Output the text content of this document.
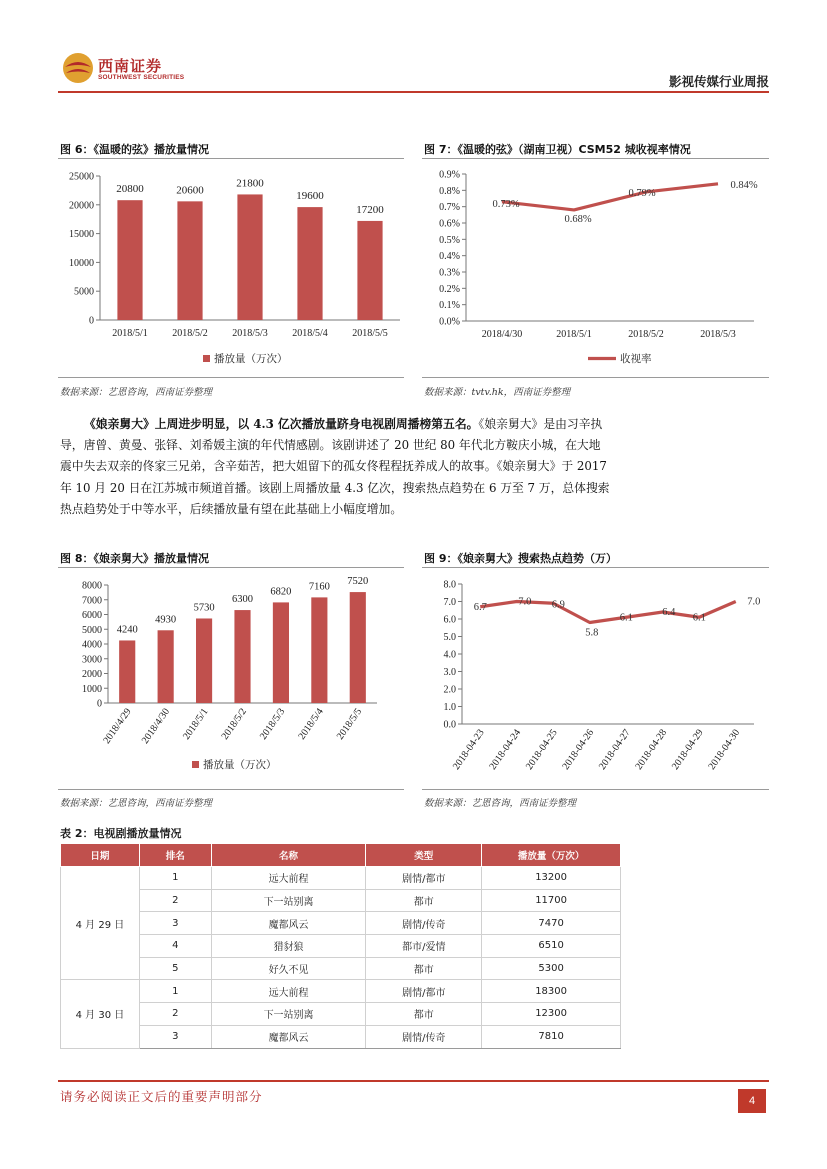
西南证券
SOUTHWEST SECURITIES	影视传媒行业周报
图 6：《温暖的弦》播放量情况
0
5000
10000
15000
20000
25000
2018/5/1 2018/5/2 2018/5/3 2018/5/4 2018/5/5
20800	20600
21800
19600
17200
播放量（万次）
数据来源：艺恩咨询，西南证券整理
图 7：《温暖的弦》（湖南卫视）CSM52 城收视率情况
0.0%
0.1%
0.2%
0.3%
0.4%
0.5%
0.6%
0.7%
0.8%
0.9%
2018/4/30	2018/5/1	2018/5/2	2018/5/3
0.73%
0.68%
0.79%
0.84%
收视率
数据来源：tvtv.hk，西南证券整理
《娘亲舅大》上周进步明显，以 4.3 亿次播放量跻身电视剧周播榜第五名。《娘亲舅大》是由习辛执导，唐曾、黄曼、张铎、刘希媛主演的年代情感剧。该剧讲述了 20 世纪 80 年代北方鞍庆小城，在大地震中失去双亲的佟家三兄弟，含辛茹苦，把大姐留下的孤女佟程程抚养成人的故事。《娘亲舅大》于 2017 年 10 月 20 日在江苏城市频道首播。该剧上周播放量 4.3 亿次，搜索热点趋势在 6 万至 7 万，总体搜索热点趋势处于中等水平，后续播放量有望在此基础上小幅度增加。
图 8：《娘亲舅大》播放量情况
0
1000
2000
3000
4000
5000
6000
7000
8000
2018/4/29 2018/4/30 2018/5/1 2018/5/2 2018/5/3 2018/5/4 2018/5/5
4240
4930
5730
6300
6820 7160 7520
播放量（万次）
数据来源：艺恩咨询，西南证券整理
图 9：《娘亲舅大》搜索热点趋势（万）
0.0
1.0
2.0
3.0
4.0
5.0
6.0
7.0
8.0
2018-04-23 2018-04-24 2018-04-25 2018-04-26 2018-04-27 2018-04-28 2018-04-29 2018-04-30
6.7	7.0 6.9
5.8
6.1	6.4 6.1
7.0
数据来源：艺恩咨询，西南证券整理
表 2：电视剧播放量情况
日期	排名	名称	类型	播放量（万次）
4 月 29 日	1	远大前程	剧情/都市	13200
	2	下一站别离	都市	11700
	3	魔都风云	剧情/传奇	7470
	4	猎豺狼	都市/爱情	6510
	5	好久不见	都市	5300
4 月 30 日	1	远大前程	剧情/都市	18300
	2	下一站别离	都市	12300
	3	魔都风云	剧情/传奇	7810
请务必阅读正文后的重要声明部分	4
